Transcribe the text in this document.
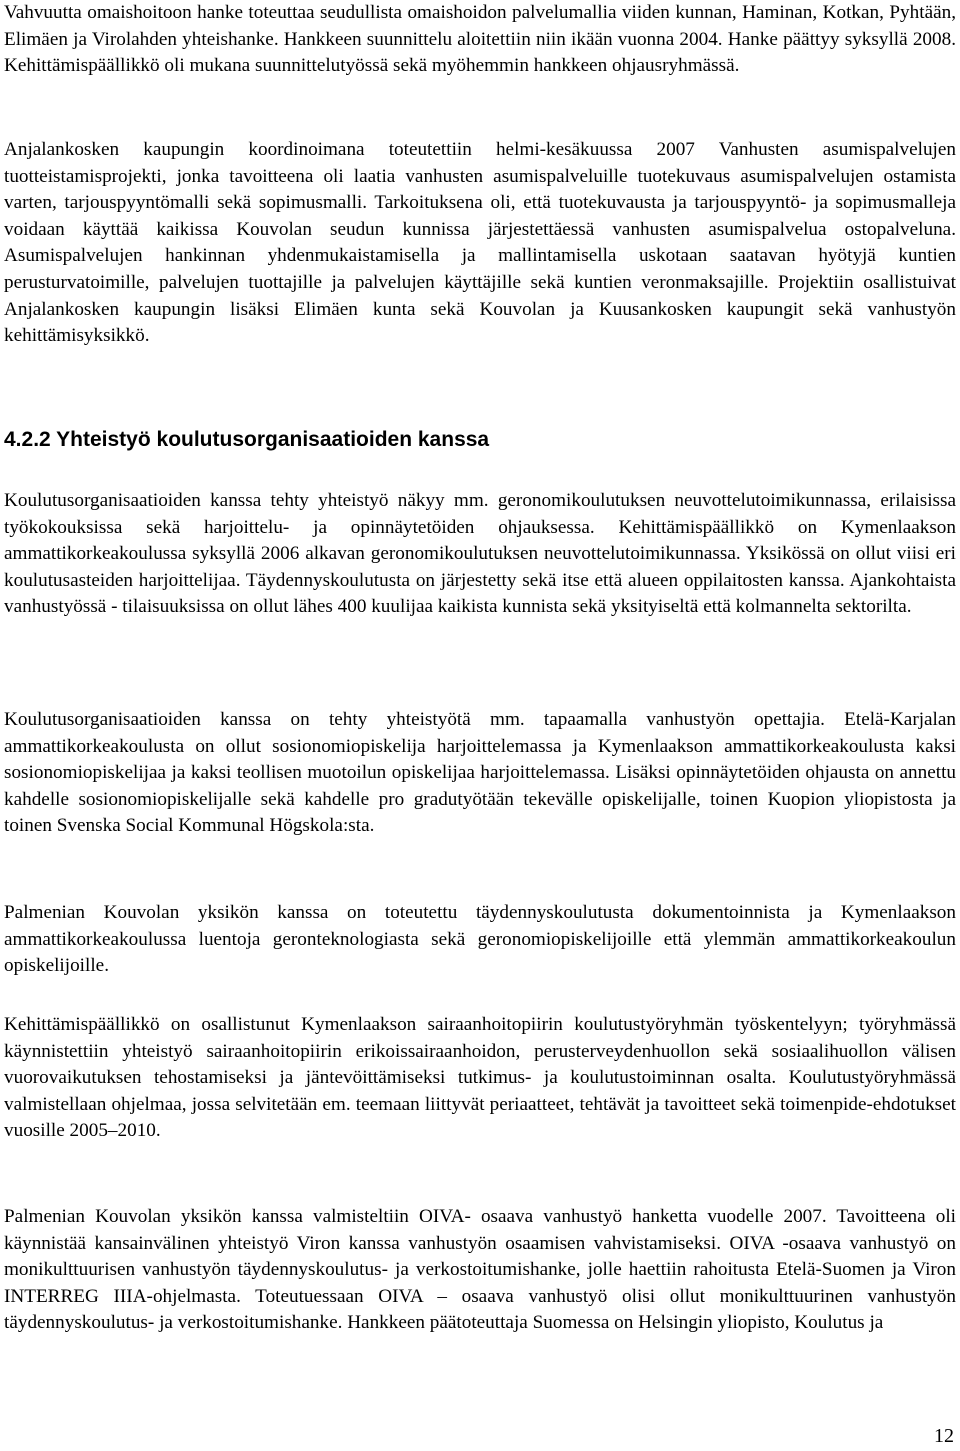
Vahvuutta omaishoitoon hanke toteuttaa seudullista omaishoidon palvelumallia viiden kunnan, Haminan, Kotkan, Pyhtään, Elimäen ja Virolahden yhteishanke. Hankkeen suunnittelu aloitettiin niin ikään vuonna 2004. Hanke päättyy syksyllä 2008. Kehittämispäällikkö oli mukana suunnittelutyössä sekä myöhemmin hankkeen ohjausryhmässä.

Anjalankosken kaupungin koordinoimana toteutettiin helmi-kesäkuussa 2007 Vanhusten asumispalvelujen tuotteistamisprojekti, jonka tavoitteena oli laatia vanhusten asumispalveluille tuotekuvaus asumispalvelujen ostamista varten, tarjouspyyntömalli sekä sopimusmalli. Tarkoituksena oli, että tuotekuvausta ja tarjouspyyntö- ja sopimusmalleja voidaan käyttää kaikissa Kouvolan seudun kunnissa järjestettäessä vanhusten asumispalvelua ostopalveluna. Asumispalvelujen hankinnan yhdenmukaistamisella ja mallintamisella uskotaan saatavan hyötyjä kuntien perusturvatoimille, palvelujen tuottajille ja palvelujen käyttäjille sekä kuntien veronmaksajille. Projektiin osallistuivat Anjalankosken kaupungin lisäksi Elimäen kunta sekä Kouvolan ja Kuusankosken kaupungit sekä vanhustyön kehittämisyksikkö.

4.2.2 Yhteistyö koulutusorganisaatioiden kanssa

Koulutusorganisaatioiden kanssa tehty yhteistyö näkyy mm. geronomikoulutuksen neuvottelutoimikunnassa, erilaisissa työkokouksissa sekä harjoittelu- ja opinnäytetöiden ohjauksessa. Kehittämispäällikkö on Kymenlaakson ammattikorkeakoulussa syksyllä 2006 alkavan geronomikoulutuksen neuvottelutoimikunnassa. Yksikössä on ollut viisi eri koulutusasteiden harjoittelijaa. Täydennyskoulutusta on järjestetty sekä itse että alueen oppilaitosten kanssa. Ajankohtaista vanhustyössä - tilaisuuksissa on ollut lähes 400 kuulijaa kaikista kunnista sekä yksityiseltä että kolmannelta sektorilta.

Koulutusorganisaatioiden kanssa on tehty yhteistyötä mm. tapaamalla vanhustyön opettajia. Etelä-Karjalan ammattikorkeakoulusta on ollut sosionomiopiskelija harjoittelemassa ja Kymenlaakson ammattikorkeakoulusta kaksi sosionomiopiskelijaa ja kaksi teollisen muotoilun opiskelijaa harjoittelemassa. Lisäksi opinnäytetöiden ohjausta on annettu kahdelle sosionomiopiskelijalle sekä kahdelle pro gradutyötään tekevälle opiskelijalle, toinen Kuopion yliopistosta ja toinen Svenska Social Kommunal Högskola:sta.

Palmenian Kouvolan yksikön kanssa on toteutettu täydennyskoulutusta dokumentoinnista ja Kymenlaakson ammattikorkeakoulussa luentoja geronteknologiasta sekä geronomiopiskelijoille että ylemmän ammattikorkeakoulun opiskelijoille.

Kehittämispäällikkö on osallistunut Kymenlaakson sairaanhoitopiirin koulutustyöryhmän työskentelyyn; työryhmässä käynnistettiin yhteistyö sairaanhoitopiirin erikoissairaanhoidon, perusterveydenhuollon sekä sosiaalihuollon välisen vuorovaikutuksen tehostamiseksi ja jäntevöittämiseksi tutkimus- ja koulutustoiminnan osalta. Koulutustyöryhmässä valmistellaan ohjelmaa, jossa selvitetään em. teemaan liittyvät periaatteet, tehtävät ja tavoitteet sekä toimenpide-ehdotukset vuosille 2005–2010.

Palmenian Kouvolan yksikön kanssa valmisteltiin OIVA- osaava vanhustyö hanketta vuodelle 2007. Tavoitteena oli käynnistää kansainvälinen yhteistyö Viron kanssa vanhustyön osaamisen vahvistamiseksi. OIVA -osaava vanhustyö on monikulttuurisen vanhustyön täydennyskoulutus- ja verkostoitumishanke, jolle haettiin rahoitusta Etelä-Suomen ja Viron INTERREG IIIA-ohjelmasta. Toteutuessaan OIVA – osaava vanhustyö olisi ollut monikulttuurinen vanhustyön täydennyskoulutus- ja verkostoitumishanke. Hankkeen päätoteuttaja Suomessa on Helsingin yliopisto, Koulutus ja

12
